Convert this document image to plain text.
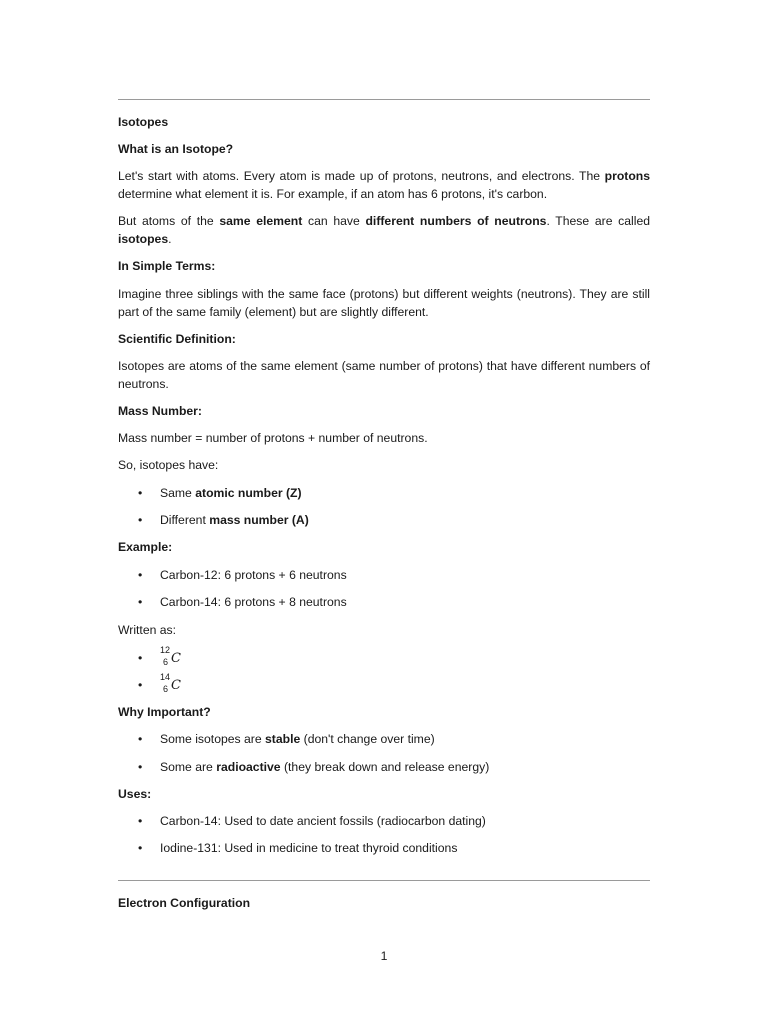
Isotopes
What is an Isotope?

Let's start with atoms. Every atom is made up of protons, neutrons, and electrons. The protons determine what element it is. For example, if an atom has 6 protons, it's carbon.

But atoms of the same element can have different numbers of neutrons. These are called isotopes.

In Simple Terms:

Imagine three siblings with the same face (protons) but different weights (neutrons). They are still part of the same family (element) but are slightly different.

Scientific Definition:

Isotopes are atoms of the same element (same number of protons) that have different numbers of neutrons.

Mass Number:

Mass number = number of protons + number of neutrons.

So, isotopes have:

•	Same atomic number (Z)
•	Different mass number (A)
Example:
•	Carbon-12: 6 protons + 6 neutrons
•	Carbon-14: 6 protons + 8 neutrons

Written as:

•
12
6 C
•
14
6 C
Why Important?
•	Some isotopes are stable (don't change over time)
•	Some are radioactive (they break down and release energy)
Uses:
•	Carbon-14: Used to date ancient fossils (radiocarbon dating)
•	Iodine-131: Used in medicine to treat thyroid conditions
Electron Configuration
1
